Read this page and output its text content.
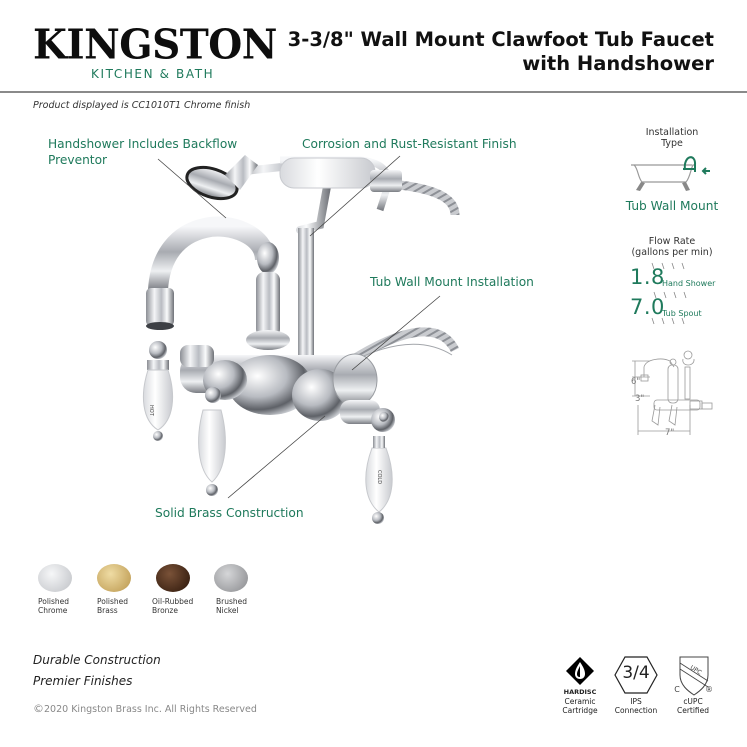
KINGSTON
KITCHEN & BATH
3-3/8" Wall Mount Clawfoot Tub Faucet
with Handshower
Product displayed is CC1010T1 Chrome finish
HOT
COLD
Handshower Includes Backflow
Preventor
Corrosion and Rust-Resistant Finish
Tub Wall Mount Installation
Solid Brass Construction
Installation
Type
Tub Wall Mount
Flow Rate
(gallons per min)
1.8
Hand Shower
7.0
Tub Spout
6"
3"
7"
Polished
Chrome
Polished
Brass
Oil-Rubbed
Bronze
Brushed
Nickel
Durable Construction
Premier Finishes
©2020 Kingston Brass Inc. All Rights Reserved
HARDISC
Ceramic
Cartridge
3/4
IPS
Connection
UPC
C	®
cUPC
Certified
